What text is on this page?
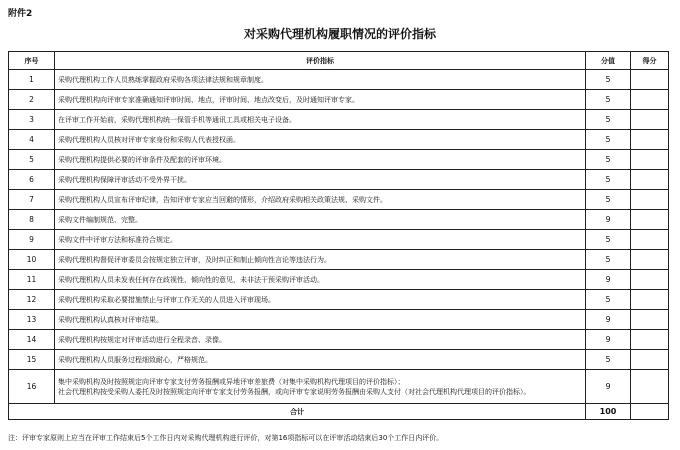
附件2
对采购代理机构履职情况的评价指标
序号	评价指标	分值	得分
1	采购代理机构工作人员熟练掌握政府采购各项法律法规和规章制度。	5	
2	采购代理机构向评审专家准确通知评审时间、地点，评审时间、地点改变后，及时通知评审专家。	5	
3	在评审工作开始前，采购代理机构统一保管手机等通讯工具或相关电子设备。	5	
4	采购代理机构人员核对评审专家身份和采购人代表授权函。	5	
5	采购代理机构提供必要的评审条件及配套的评审环境。	5	
6	采购代理机构保障评审活动不受外界干扰。	5	
7	采购代理机构人员宣布评审纪律，告知评审专家应当回避的情形，介绍政府采购相关政策法规、采购文件。	5	
8	采购文件编制规范、完整。	9	
9	采购文件中评审方法和标准符合规定。	5	
10	采购代理机构督促评审委员会按规定独立评审，及时纠正和制止倾向性言论等违法行为。	5	
11	采购代理机构人员未发表任何存在歧视性、倾向性的意见，未非法干预采购评审活动。	9	
12	采购代理机构采取必要措施禁止与评审工作无关的人员进入评审现场。	5	
13	采购代理机构认真核对评审结果。	9	
14	采购代理机构按规定对评审活动进行全程录音、录像。	9	
15	采购代理机构人员服务过程细致耐心，严格规范。	5	
16	集中采购机构及时按照规定向评审专家支付劳务报酬或异地评审差旅费（对集中采购机构代理项目的评价指标）；
社会代理机构按受采购人委托及时按照规定向评审专家支付劳务报酬，或向评审专家说明劳务报酬由采购人支付（对社会代理机构代理项目的评价指标）。	9	
合计		100	
注：评审专家原则上应当在评审工作结束后5个工作日内对采购代理机构进行评价，对第16项指标可以在评审活动结束后30个工作日内评价。
